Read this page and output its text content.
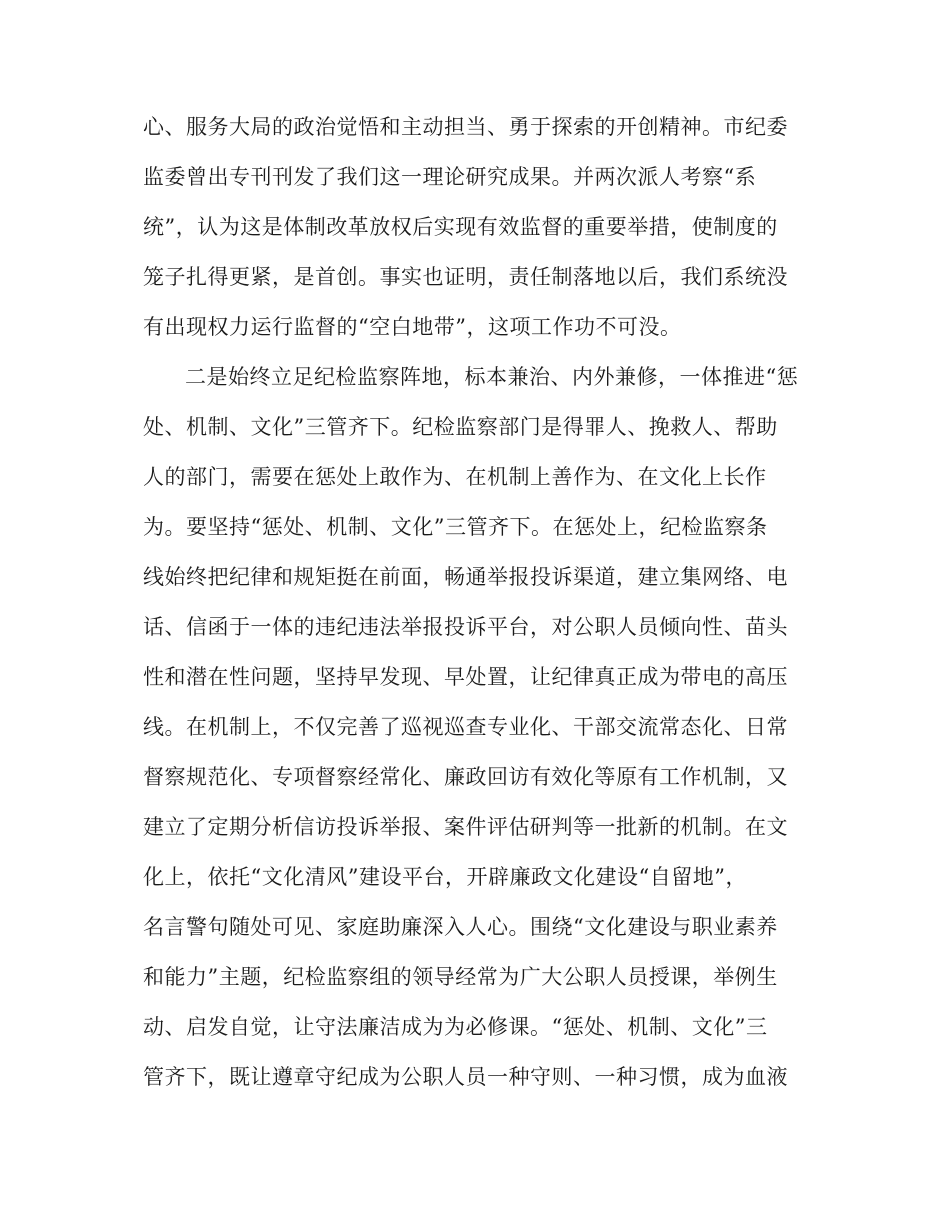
心、服务大局的政治觉悟和主动担当、勇于探索的开创精神。市纪委
监委曾出专刊刊发了我们这一理论研究成果。并两次派人考察“系
统”，认为这是体制改革放权后实现有效监督的重要举措，使制度的
笼子扎得更紧，是首创。事实也证明，责任制落地以后，我们系统没
有出现权力运行监督的“空白地带”，这项工作功不可没。
二是始终立足纪检监察阵地，标本兼治、内外兼修，一体推进“惩
处、机制、文化”三管齐下。纪检监察部门是得罪人、挽救人、帮助
人的部门，需要在惩处上敢作为、在机制上善作为、在文化上长作
为。要坚持“惩处、机制、文化”三管齐下。在惩处上，纪检监察条
线始终把纪律和规矩挺在前面，畅通举报投诉渠道，建立集网络、电
话、信函于一体的违纪违法举报投诉平台，对公职人员倾向性、苗头
性和潜在性问题，坚持早发现、早处置，让纪律真正成为带电的高压
线。在机制上，不仅完善了巡视巡查专业化、干部交流常态化、日常
督察规范化、专项督察经常化、廉政回访有效化等原有工作机制，又
建立了定期分析信访投诉举报、案件评估研判等一批新的机制。在文
化上，依托“文化清风”建设平台，开辟廉政文化建设“自留地”，
名言警句随处可见、家庭助廉深入人心。围绕“文化建设与职业素养
和能力”主题，纪检监察组的领导经常为广大公职人员授课，举例生
动、启发自觉，让守法廉洁成为为必修课。“惩处、机制、文化”三
管齐下，既让遵章守纪成为公职人员一种守则、一种习惯，成为血液
